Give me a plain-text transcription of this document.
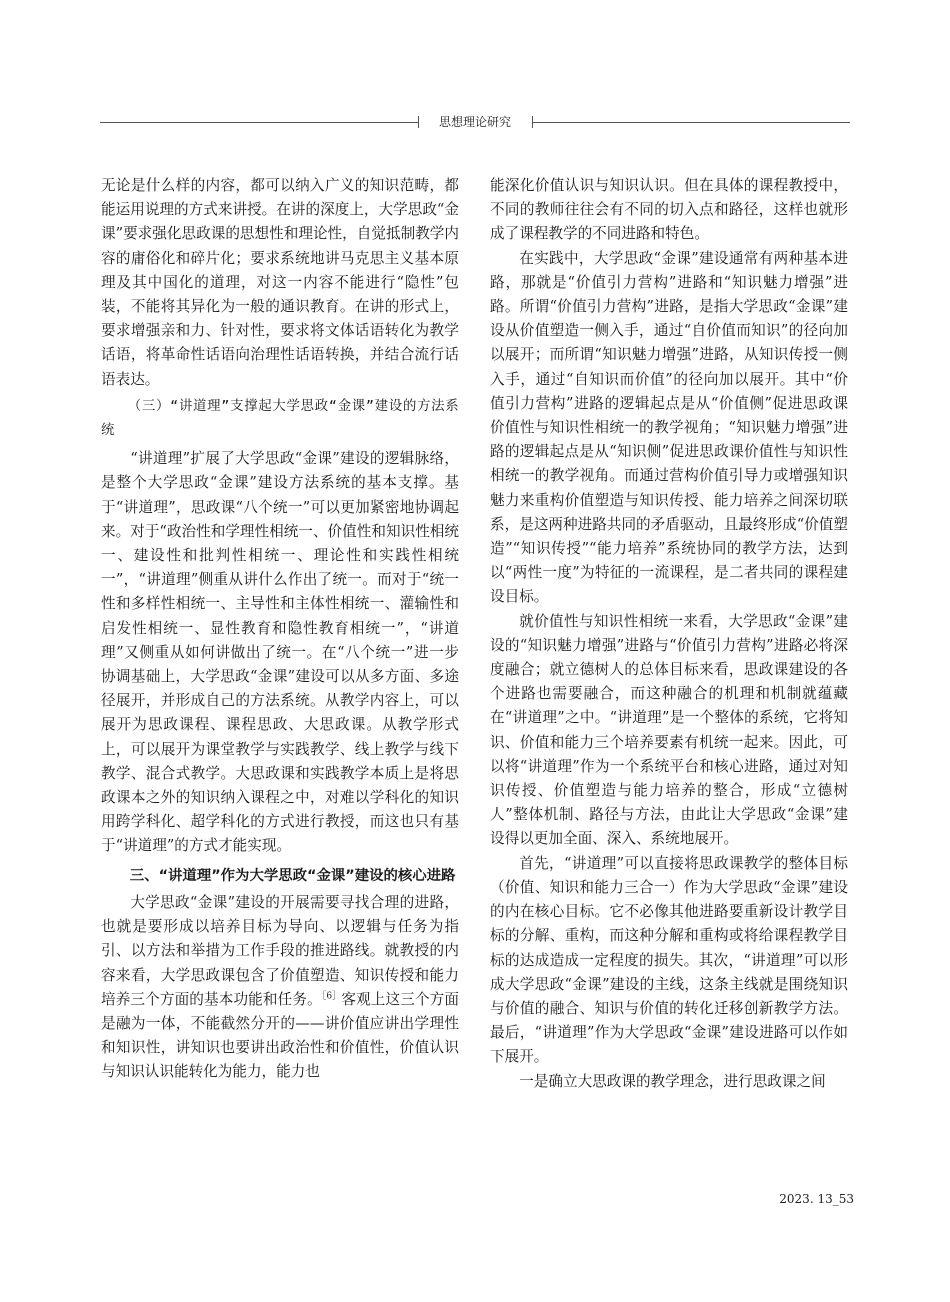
思想理论研究

无论是什么样的内容，都可以纳入广义的知识范畴，都能运用说理的方式来讲授。在讲的深度上，大学思政“金课”要求强化思政课的思想性和理论性，自觉抵制教学内容的庸俗化和碎片化；要求系统地讲马克思主义基本原理及其中国化的道理，对这一内容不能进行“隐性”包装，不能将其异化为一般的通识教育。在讲的形式上，要求增强亲和力、针对性，要求将文体话语转化为教学话语，将革命性话语向治理性话语转换，并结合流行话语表达。

（三）“讲道理”支撑起大学思政“金课”建设的方法系统

“讲道理”扩展了大学思政“金课”建设的逻辑脉络，是整个大学思政“金课”建设方法系统的基本支撑。基于“讲道理”，思政课“八个统一”可以更加紧密地协调起来。对于“政治性和学理性相统一、价值性和知识性相统一、建设性和批判性相统一、理论性和实践性相统一”，“讲道理”侧重从讲什么作出了统一。而对于“统一性和多样性相统一、主导性和主体性相统一、灌输性和启发性相统一、显性教育和隐性教育相统一”，“讲道理”又侧重从如何讲做出了统一。在“八个统一”进一步协调基础上，大学思政“金课”建设可以从多方面、多途径展开，并形成自己的方法系统。从教学内容上，可以展开为思政课程、课程思政、大思政课。从教学形式上，可以展开为课堂教学与实践教学、线上教学与线下教学、混合式教学。大思政课和实践教学本质上是将思政课本之外的知识纳入课程之中，对难以学科化的知识用跨学科化、超学科化的方式进行教授，而这也只有基于“讲道理”的方式才能实现。

三、“讲道理”作为大学思政“金课”建设的核心进路

大学思政“金课”建设的开展需要寻找合理的进路，也就是要形成以培养目标为导向、以逻辑与任务为指引、以方法和举措为工作手段的推进路线。就教授的内容来看，大学思政课包含了价值塑造、知识传授和能力培养三个方面的基本功能和任务。$^{[6]}$客观上这三个方面是融为一体，不能截然分开的——讲价值应讲出学理性和知识性，讲知识也要讲出政治性和价值性，价值认识与知识认识能转化为能力，能力也

能深化价值认识与知识认识。但在具体的课程教授中，不同的教师往往会有不同的切入点和路径，这样也就形成了课程教学的不同进路和特色。

在实践中，大学思政“金课”建设通常有两种基本进路，那就是“价值引力营构”进路和“知识魅力增强”进路。所谓“价值引力营构”进路，是指大学思政“金课”建设从价值塑造一侧入手，通过“自价值而知识”的径向加以展开；而所谓“知识魅力增强”进路，从知识传授一侧入手，通过“自知识而价值”的径向加以展开。其中“价值引力营构”进路的逻辑起点是从“价值侧”促进思政课价值性与知识性相统一的教学视角；“知识魅力增强”进路的逻辑起点是从“知识侧”促进思政课价值性与知识性相统一的教学视角。而通过营构价值引导力或增强知识魅力来重构价值塑造与知识传授、能力培养之间深切联系，是这两种进路共同的矛盾驱动，且最终形成“价值塑造”“知识传授”“能力培养”系统协同的教学方法，达到以“两性一度”为特征的一流课程，是二者共同的课程建设目标。

就价值性与知识性相统一来看，大学思政“金课”建设的“知识魅力增强”进路与“价值引力营构”进路必将深度融合；就立德树人的总体目标来看，思政课建设的各个进路也需要融合，而这种融合的机理和机制就蕴藏在“讲道理”之中。“讲道理”是一个整体的系统，它将知识、价值和能力三个培养要素有机统一起来。因此，可以将“讲道理”作为一个系统平台和核心进路，通过对知识传授、价值塑造与能力培养的整合，形成“立德树人”整体机制、路径与方法，由此让大学思政“金课”建设得以更加全面、深入、系统地展开。

首先，“讲道理”可以直接将思政课教学的整体目标（价值、知识和能力三合一）作为大学思政“金课”建设的内在核心目标。它不必像其他进路要重新设计教学目标的分解、重构，而这种分解和重构或将给课程教学目标的达成造成一定程度的损失。其次，“讲道理”可以形成大学思政“金课”建设的主线，这条主线就是围绕知识与价值的融合、知识与价值的转化迁移创新教学方法。最后，“讲道理”作为大学思政“金课”建设进路可以作如下展开。

一是确立大思政课的教学理念，进行思政课之间

2023. 13_53
